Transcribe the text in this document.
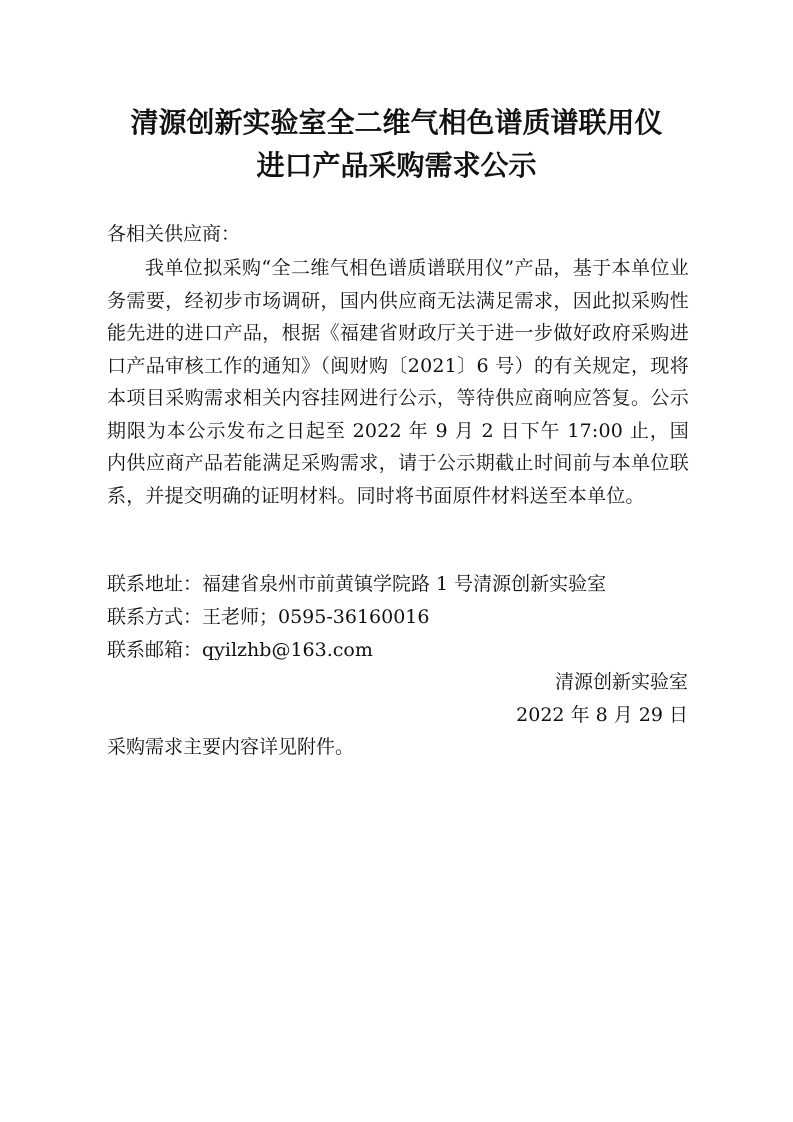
清源创新实验室全二维气相色谱质谱联用仪
进口产品采购需求公示
各相关供应商：
我单位拟采购“全二维气相色谱质谱联用仪”产品，基于本单位业务需要，经初步市场调研，国内供应商无法满足需求，因此拟采购性能先进的进口产品，根据《福建省财政厅关于进一步做好政府采购进口产品审核工作的通知》（闽财购〔2021〕6 号）的有关规定，现将本项目采购需求相关内容挂网进行公示，等待供应商响应答复。公示期限为本公示发布之日起至 2022 年 9 月 2 日下午 17:00 止，国内供应商产品若能满足采购需求，请于公示期截止时间前与本单位联系，并提交明确的证明材料。同时将书面原件材料送至本单位。
联系地址：福建省泉州市前黄镇学院路 1 号清源创新实验室
联系方式：王老师；0595-36160016
联系邮箱：qyilzhb@163.com
清源创新实验室
2022 年 8 月 29 日
采购需求主要内容详见附件。
